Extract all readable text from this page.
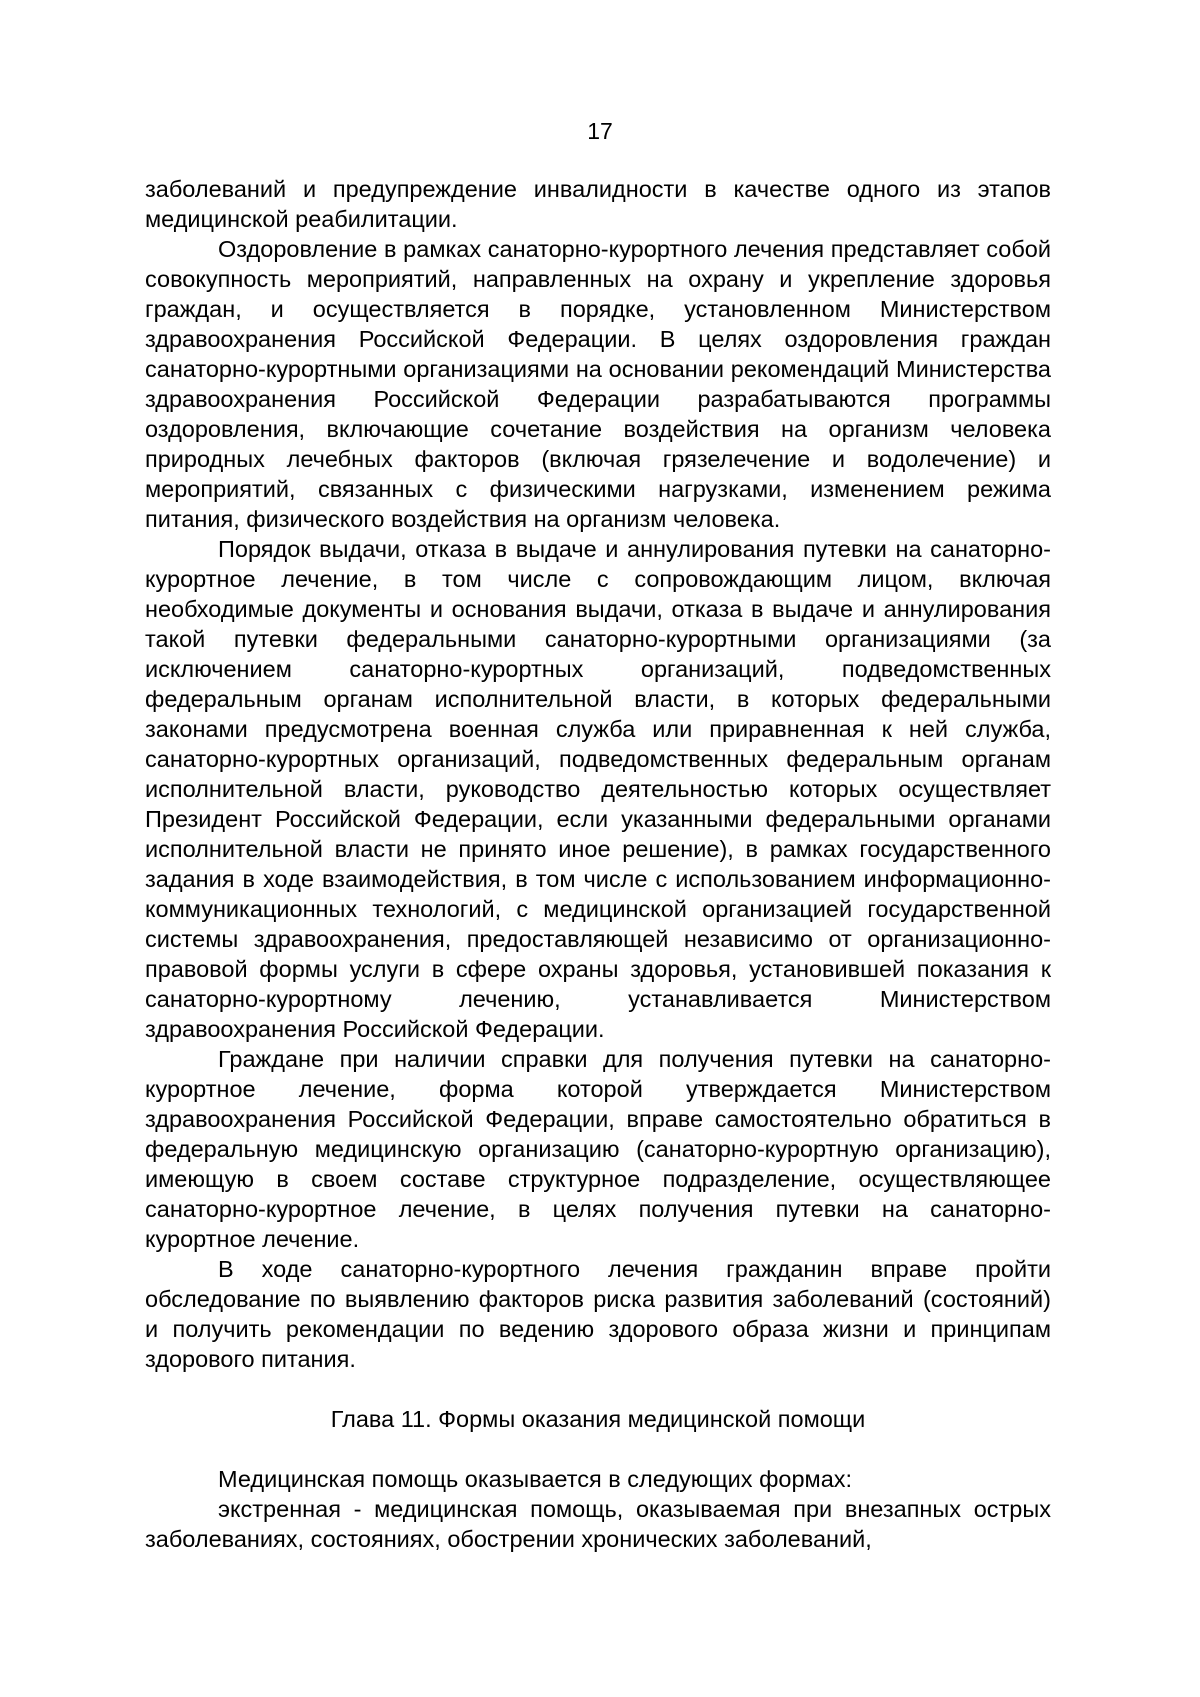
17

заболеваний и предупреждение инвалидности в качестве одного из этапов медицинской реабилитации.

Оздоровление в рамках санаторно-курортного лечения представляет собой совокупность мероприятий, направленных на охрану и укрепление здоровья граждан, и осуществляется в порядке, установленном Министерством здравоохранения Российской Федерации. В целях оздоровления граждан санаторно-курортными организациями на основании рекомендаций Министерства здравоохранения Российской Федерации разрабатываются программы оздоровления, включающие сочетание воздействия на организм человека природных лечебных факторов (включая грязелечение и водолечение) и мероприятий, связанных с физическими нагрузками, изменением режима питания, физического воздействия на организм человека.

Порядок выдачи, отказа в выдаче и аннулирования путевки на санаторно-курортное лечение, в том числе с сопровождающим лицом, включая необходимые документы и основания выдачи, отказа в выдаче и аннулирования такой путевки федеральными санаторно-курортными организациями (за исключением санаторно-курортных организаций, подведомственных федеральным органам исполнительной власти, в которых федеральными законами предусмотрена военная служба или приравненная к ней служба, санаторно-курортных организаций, подведомственных федеральным органам исполнительной власти, руководство деятельностью которых осуществляет Президент Российской Федерации, если указанными федеральными органами исполнительной власти не принято иное решение), в рамках государственного задания в ходе взаимодействия, в том числе с использованием информационно-коммуникационных технологий, с медицинской организацией государственной системы здравоохранения, предоставляющей независимо от организационно-правовой формы услуги в сфере охраны здоровья, установившей показания к санаторно-курортному лечению, устанавливается Министерством здравоохранения Российской Федерации.

Граждане при наличии справки для получения путевки на санаторно-курортное лечение, форма которой утверждается Министерством здравоохранения Российской Федерации, вправе самостоятельно обратиться в федеральную медицинскую организацию (санаторно-курортную организацию), имеющую в своем составе структурное подразделение, осуществляющее санаторно-курортное лечение, в целях получения путевки на санаторно-курортное лечение.

В ходе санаторно-курортного лечения гражданин вправе пройти обследование по выявлению факторов риска развития заболеваний (состояний) и получить рекомендации по ведению здорового образа жизни и принципам здорового питания.

Глава 11. Формы оказания медицинской помощи

Медицинская помощь оказывается в следующих формах:

экстренная - медицинская помощь, оказываемая при внезапных острых заболеваниях, состояниях, обострении хронических заболеваний,
